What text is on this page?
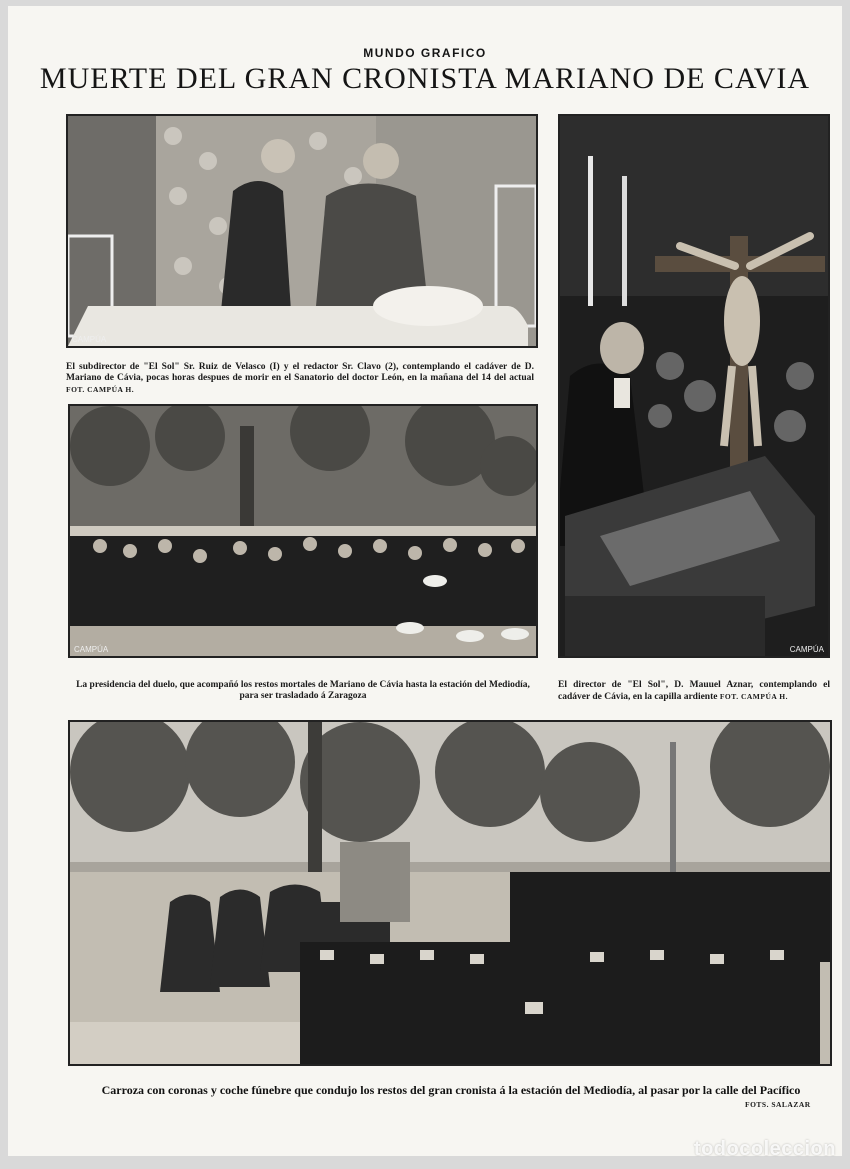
MUNDO GRAFICO
MUERTE DEL GRAN CRONISTA MARIANO DE CAVIA
CAMPÚA
El subdirector de "El Sol" Sr. Ruiz de Velasco (I) y el redactor Sr. Clavo (2), contemplando el cadáver de D. Mariano de Cávia, pocas horas despues de morir en el Sanatorio del doctor León, en la mañana del 14 del actual FOT. CAMPÚA H.
CAMPÚA
El director de "El Sol", D. Mauuel Aznar, contemplando el cadáver de Cávia, en la capilla ardiente FOT. CAMPÚA H.
CAMPÚA
La presidencia del duelo, que acompañó los restos mortales de Mariano de Cávia hasta la estación del Mediodía, para ser trasladado á Zaragoza
Carroza con coronas y coche fúnebre que condujo los restos del gran cronista á la estación del Mediodía, al pasar por la calle del Pacífico
FOTS. SALAZAR
todocoleccion
